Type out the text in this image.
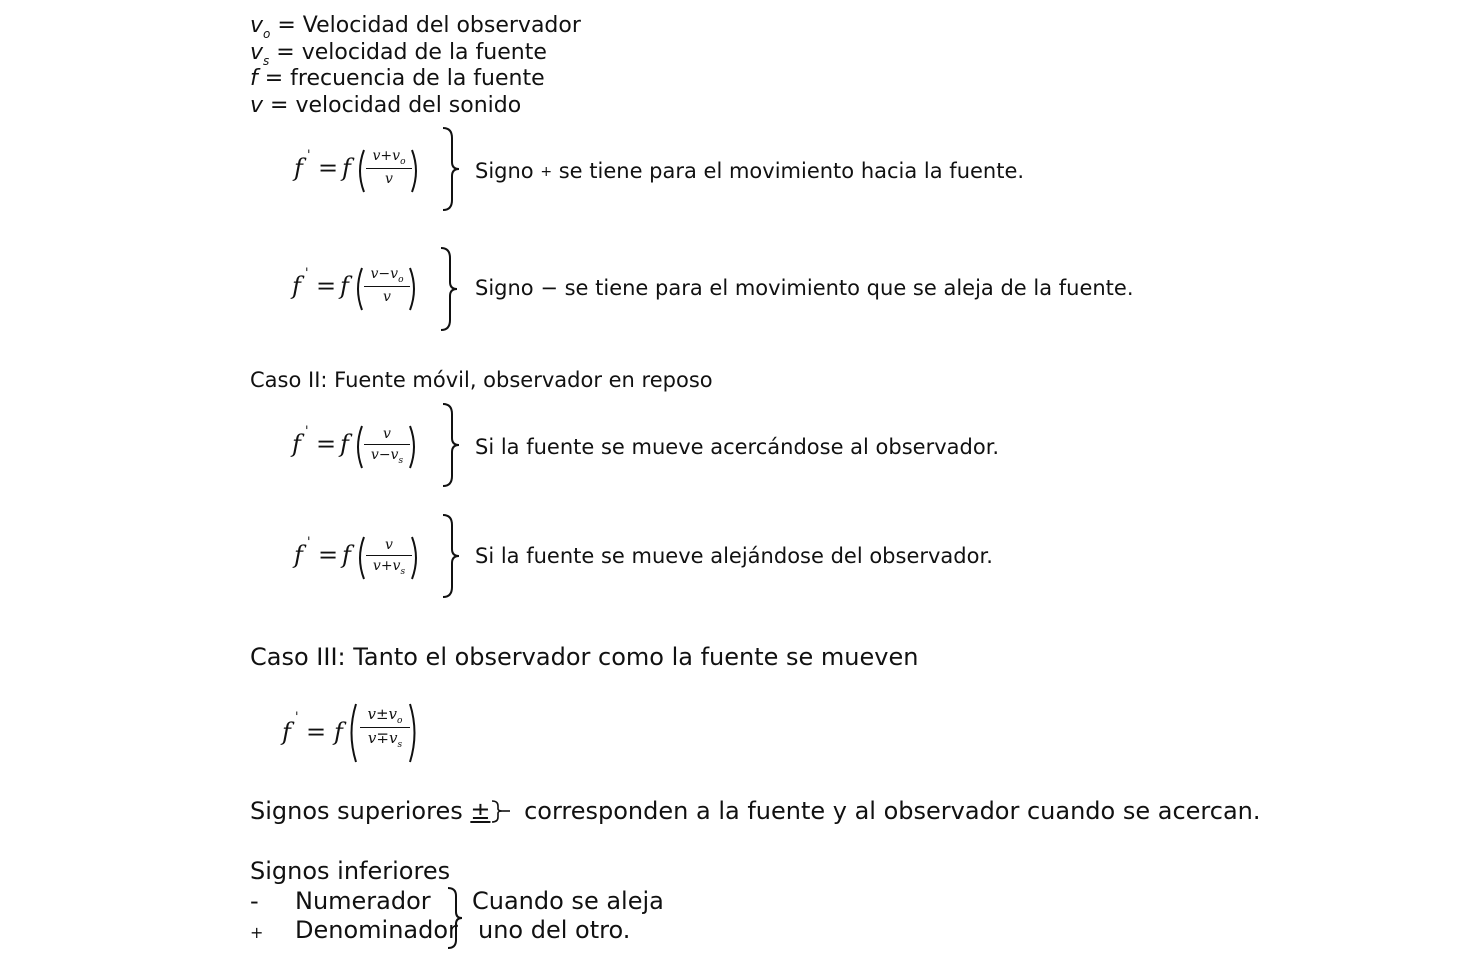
$v_o$ = Velocidad del observador
$v_s$ = velocidad de la fuente
f = frecuencia de la fuente
v = velocidad del sonido
f ' = f	$v+v_o$
v	Signo + se tiene para el movimiento hacia la fuente.
f ' = f	$v-v_o$
v	Signo − se tiene para el movimiento que se aleja de la fuente.
Caso II: Fuente móvil, observador en reposo
f ' = f	v
$v-v_s$
Si la fuente se mueve acercándose al observador.
f ' = f	v
$v+v_s$
Si la fuente se mueve alejándose del observador.
Caso III: Tanto el observador como la fuente se mueven
f
'
= f
$v\pm v_o$
$v\mp v_s$
Signos superiores ± corresponden a la fuente y al observador cuando se acercan.
Signos inferiores
- Numerador
+ Denominador
Cuando se aleja
uno del otro.
